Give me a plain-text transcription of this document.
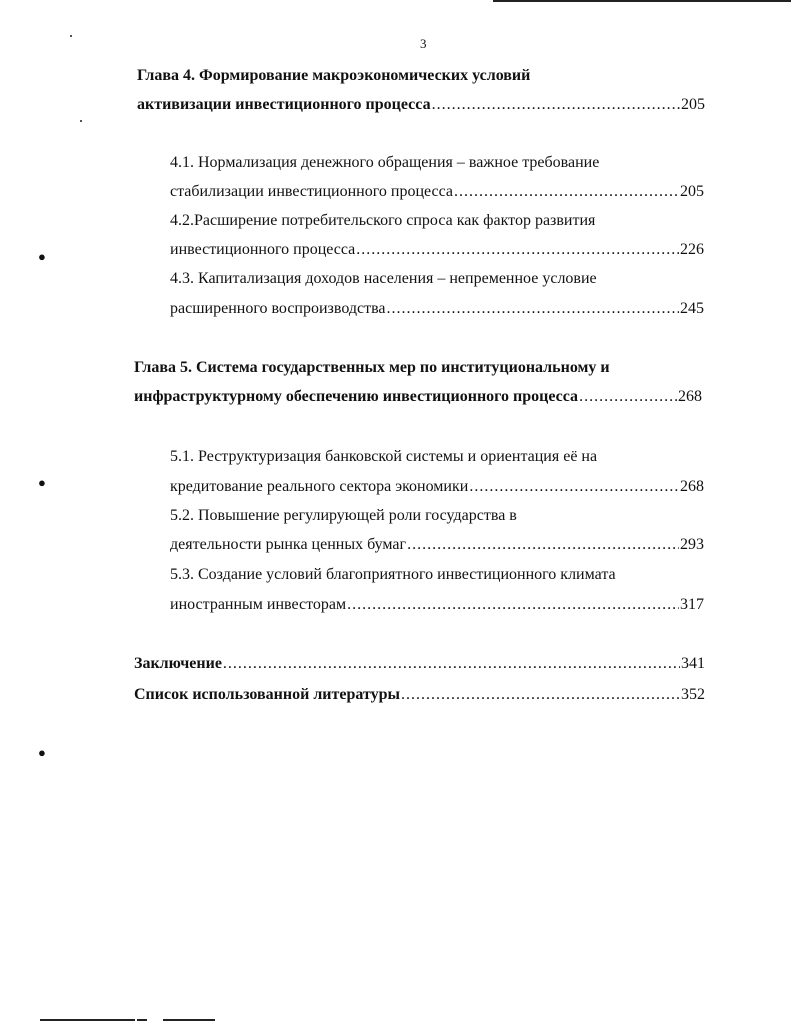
3
●
●
●
Глава 4. Формирование макроэкономических условий
активизации инвестиционного процесса .....	205
4.1. Нормализация денежного обращения – важное требование
стабилизации инвестиционного процесса .....	205
4.2.Расширение потребительского спроса как фактор развития
инвестиционного процесса .....	226
4.3. Капитализация доходов населения – непременное условие
расширенного воспроизводства .....	245
Глава 5. Система государственных мер по институциональному и
инфраструктурному обеспечению инвестиционного процесса .....	268
5.1. Реструктуризация банковской системы и ориентация её на
кредитование реального сектора экономики .....	268
5.2. Повышение регулирующей роли государства в
деятельности рынка ценных бумаг .....	293
5.3. Создание условий благоприятного инвестиционного климата
иностранным инвесторам .....	317
Заключение .....	341
Список использованной литературы .....	352
